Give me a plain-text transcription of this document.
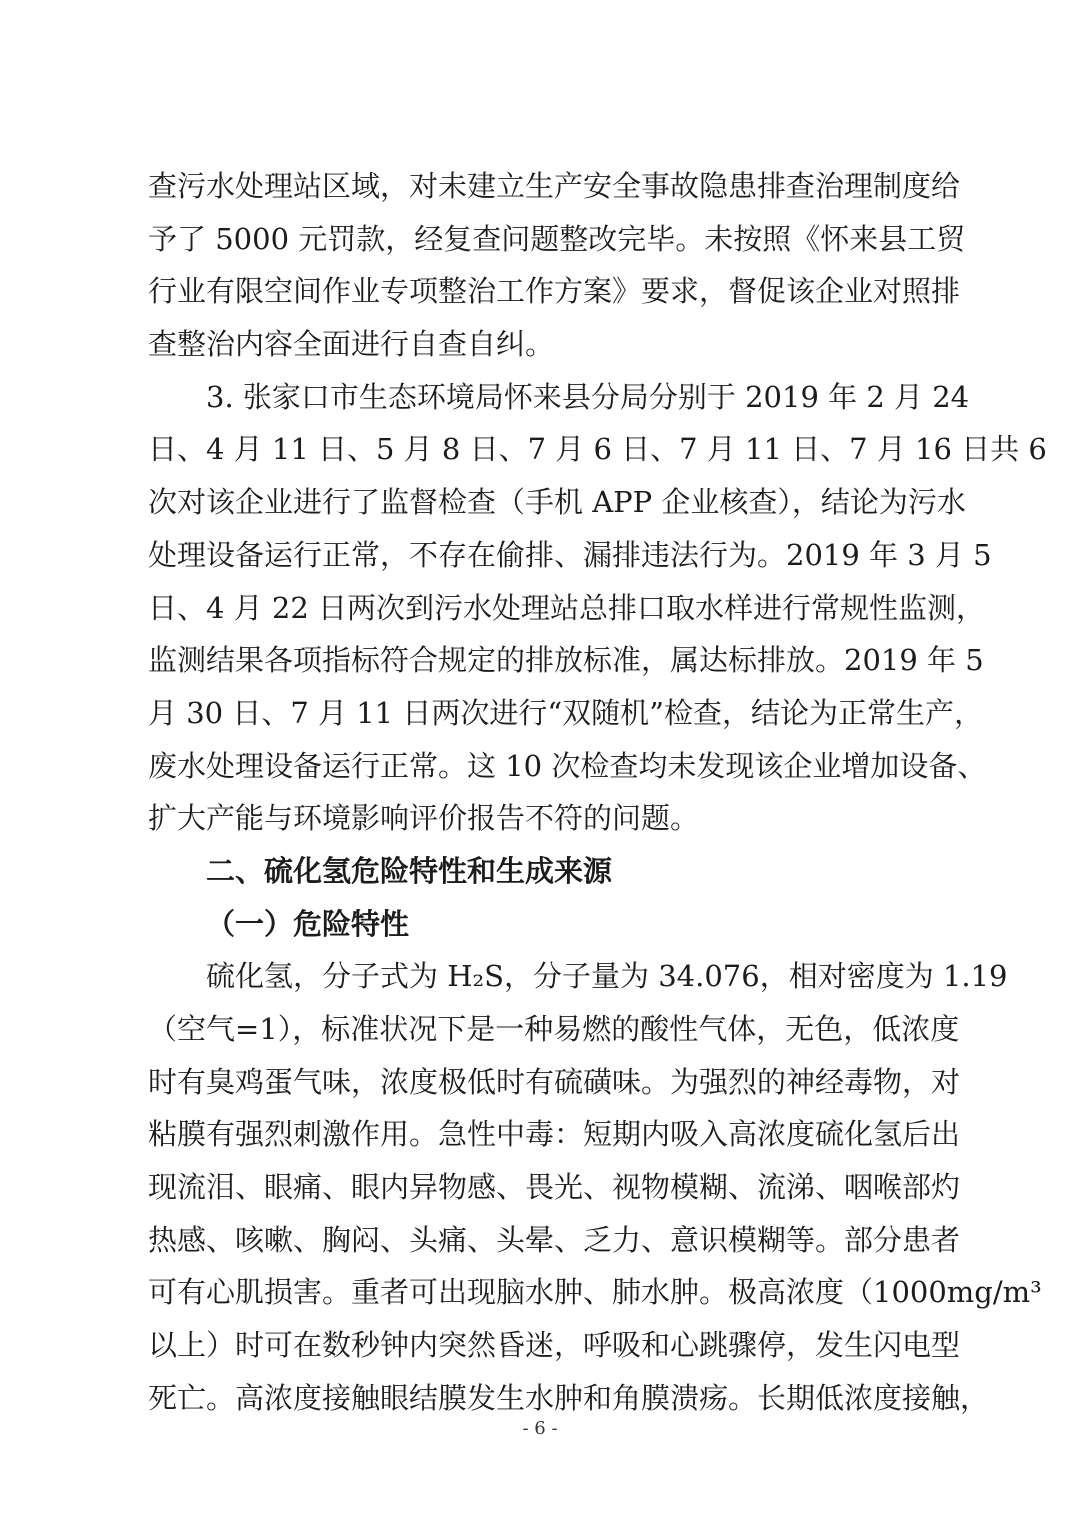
查污水处理站区域，对未建立生产安全事故隐患排查治理制度给
予了 5000 元罚款，经复查问题整改完毕。未按照《怀来县工贸
行业有限空间作业专项整治工作方案》要求，督促该企业对照排
查整治内容全面进行自查自纠。
3. 张家口市生态环境局怀来县分局分别于 2019 年 2 月 24
日、4 月 11 日、5 月 8 日、7 月 6 日、7 月 11 日、7 月 16 日共 6
次对该企业进行了监督检查（手机 APP 企业核查），结论为污水
处理设备运行正常，不存在偷排、漏排违法行为。2019 年 3 月 5
日、4 月 22 日两次到污水处理站总排口取水样进行常规性监测，
监测结果各项指标符合规定的排放标准，属达标排放。2019 年 5
月 30 日、7 月 11 日两次进行“双随机”检查，结论为正常生产，
废水处理设备运行正常。这 10 次检查均未发现该企业增加设备、
扩大产能与环境影响评价报告不符的问题。
二、硫化氢危险特性和生成来源
（一）危险特性
硫化氢，分子式为 H₂S，分子量为 34.076，相对密度为 1.19
（空气=1），标准状况下是一种易燃的酸性气体，无色，低浓度
时有臭鸡蛋气味，浓度极低时有硫磺味。为强烈的神经毒物，对
粘膜有强烈刺激作用。急性中毒：短期内吸入高浓度硫化氢后出
现流泪、眼痛、眼内异物感、畏光、视物模糊、流涕、咽喉部灼
热感、咳嗽、胸闷、头痛、头晕、乏力、意识模糊等。部分患者
可有心肌损害。重者可出现脑水肿、肺水肿。极高浓度（1000mg/m³
以上）时可在数秒钟内突然昏迷，呼吸和心跳骤停，发生闪电型
死亡。高浓度接触眼结膜发生水肿和角膜溃疡。长期低浓度接触，
- 6 -
